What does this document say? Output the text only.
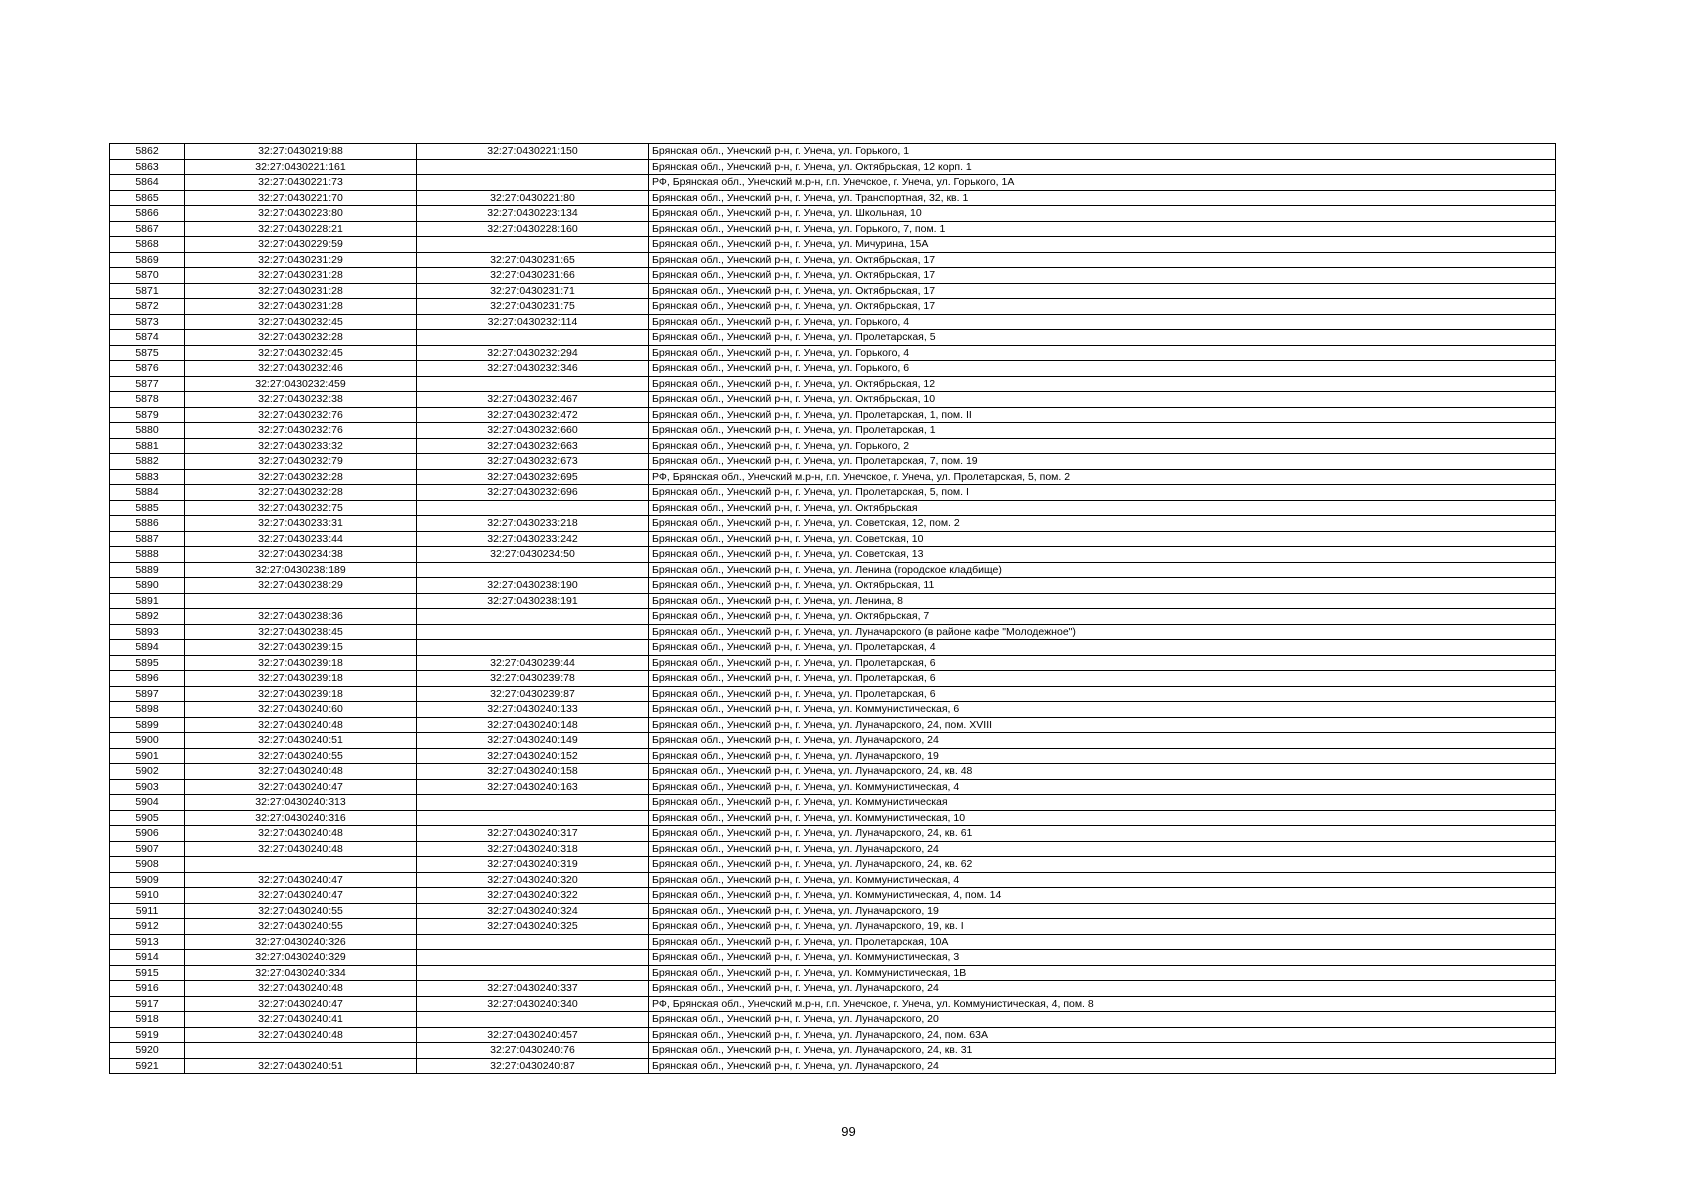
5862	32:27:0430219:88	32:27:0430221:150	Брянская обл., Унечский р-н, г. Унеча, ул. Горького, 1
5863	32:27:0430221:161		Брянская обл., Унечский р-н, г. Унеча, ул. Октябрьская, 12 корп. 1
5864	32:27:0430221:73		РФ, Брянская обл., Унечский м.р-н, г.п. Унечское, г. Унеча, ул. Горького, 1А
5865	32:27:0430221:70	32:27:0430221:80	Брянская обл., Унечский р-н, г. Унеча, ул. Транспортная, 32, кв. 1
5866	32:27:0430223:80	32:27:0430223:134	Брянская обл., Унечский р-н, г. Унеча, ул. Школьная, 10
5867	32:27:0430228:21	32:27:0430228:160	Брянская обл., Унечский р-н, г. Унеча, ул. Горького, 7, пом. 1
5868	32:27:0430229:59		Брянская обл., Унечский р-н, г. Унеча, ул. Мичурина, 15А
5869	32:27:0430231:29	32:27:0430231:65	Брянская обл., Унечский р-н, г. Унеча, ул. Октябрьская, 17
5870	32:27:0430231:28	32:27:0430231:66	Брянская обл., Унечский р-н, г. Унеча, ул. Октябрьская, 17
5871	32:27:0430231:28	32:27:0430231:71	Брянская обл., Унечский р-н, г. Унеча, ул. Октябрьская, 17
5872	32:27:0430231:28	32:27:0430231:75	Брянская обл., Унечский р-н, г. Унеча, ул. Октябрьская, 17
5873	32:27:0430232:45	32:27:0430232:114	Брянская обл., Унечский р-н, г. Унеча, ул. Горького, 4
5874	32:27:0430232:28		Брянская обл., Унечский р-н, г. Унеча, ул. Пролетарская, 5
5875	32:27:0430232:45	32:27:0430232:294	Брянская обл., Унечский р-н, г. Унеча, ул. Горького, 4
5876	32:27:0430232:46	32:27:0430232:346	Брянская обл., Унечский р-н, г. Унеча, ул. Горького, 6
5877	32:27:0430232:459		Брянская обл., Унечский р-н, г. Унеча, ул. Октябрьская, 12
5878	32:27:0430232:38	32:27:0430232:467	Брянская обл., Унечский р-н, г. Унеча, ул. Октябрьская, 10
5879	32:27:0430232:76	32:27:0430232:472	Брянская обл., Унечский р-н, г. Унеча, ул. Пролетарская, 1, пом. II
5880	32:27:0430232:76	32:27:0430232:660	Брянская обл., Унечский р-н, г. Унеча, ул. Пролетарская, 1
5881	32:27:0430233:32	32:27:0430232:663	Брянская обл., Унечский р-н, г. Унеча, ул. Горького, 2
5882	32:27:0430232:79	32:27:0430232:673	Брянская обл., Унечский р-н, г. Унеча, ул. Пролетарская, 7, пом. 19
5883	32:27:0430232:28	32:27:0430232:695	РФ, Брянская обл., Унечский м.р-н, г.п. Унечское, г. Унеча, ул. Пролетарская, 5, пом. 2
5884	32:27:0430232:28	32:27:0430232:696	Брянская обл., Унечский р-н, г. Унеча, ул. Пролетарская, 5, пом. I
5885	32:27:0430232:75		Брянская обл., Унечский р-н, г. Унеча, ул. Октябрьская
5886	32:27:0430233:31	32:27:0430233:218	Брянская обл., Унечский р-н, г. Унеча, ул. Советская, 12, пом. 2
5887	32:27:0430233:44	32:27:0430233:242	Брянская обл., Унечский р-н, г. Унеча, ул. Советская, 10
5888	32:27:0430234:38	32:27:0430234:50	Брянская обл., Унечский р-н, г. Унеча, ул. Советская, 13
5889	32:27:0430238:189		Брянская обл., Унечский р-н, г. Унеча, ул. Ленина (городское кладбище)
5890	32:27:0430238:29	32:27:0430238:190	Брянская обл., Унечский р-н, г. Унеча, ул. Октябрьская, 11
5891		32:27:0430238:191	Брянская обл., Унечский р-н, г. Унеча, ул. Ленина, 8
5892	32:27:0430238:36		Брянская обл., Унечский р-н, г. Унеча, ул. Октябрьская, 7
5893	32:27:0430238:45		Брянская обл., Унечский р-н, г. Унеча, ул. Луначарского (в районе кафе "Молодежное")
5894	32:27:0430239:15		Брянская обл., Унечский р-н, г. Унеча, ул. Пролетарская, 4
5895	32:27:0430239:18	32:27:0430239:44	Брянская обл., Унечский р-н, г. Унеча, ул. Пролетарская, 6
5896	32:27:0430239:18	32:27:0430239:78	Брянская обл., Унечский р-н, г. Унеча, ул. Пролетарская, 6
5897	32:27:0430239:18	32:27:0430239:87	Брянская обл., Унечский р-н, г. Унеча, ул. Пролетарская, 6
5898	32:27:0430240:60	32:27:0430240:133	Брянская обл., Унечский р-н, г. Унеча, ул. Коммунистическая, 6
5899	32:27:0430240:48	32:27:0430240:148	Брянская обл., Унечский р-н, г. Унеча, ул. Луначарского, 24, пом. XVIII
5900	32:27:0430240:51	32:27:0430240:149	Брянская обл., Унечский р-н, г. Унеча, ул. Луначарского, 24
5901	32:27:0430240:55	32:27:0430240:152	Брянская обл., Унечский р-н, г. Унеча, ул. Луначарского, 19
5902	32:27:0430240:48	32:27:0430240:158	Брянская обл., Унечский р-н, г. Унеча, ул. Луначарского, 24, кв. 48
5903	32:27:0430240:47	32:27:0430240:163	Брянская обл., Унечский р-н, г. Унеча, ул. Коммунистическая, 4
5904	32:27:0430240:313		Брянская обл., Унечский р-н, г. Унеча, ул. Коммунистическая
5905	32:27:0430240:316		Брянская обл., Унечский р-н, г. Унеча, ул. Коммунистическая, 10
5906	32:27:0430240:48	32:27:0430240:317	Брянская обл., Унечский р-н, г. Унеча, ул. Луначарского, 24, кв. 61
5907	32:27:0430240:48	32:27:0430240:318	Брянская обл., Унечский р-н, г. Унеча, ул. Луначарского, 24
5908		32:27:0430240:319	Брянская обл., Унечский р-н, г. Унеча, ул. Луначарского, 24, кв. 62
5909	32:27:0430240:47	32:27:0430240:320	Брянская обл., Унечский р-н, г. Унеча, ул. Коммунистическая, 4
5910	32:27:0430240:47	32:27:0430240:322	Брянская обл., Унечский р-н, г. Унеча, ул. Коммунистическая, 4, пом. 14
5911	32:27:0430240:55	32:27:0430240:324	Брянская обл., Унечский р-н, г. Унеча, ул. Луначарского, 19
5912	32:27:0430240:55	32:27:0430240:325	Брянская обл., Унечский р-н, г. Унеча, ул. Луначарского, 19, кв. I
5913	32:27:0430240:326		Брянская обл., Унечский р-н, г. Унеча, ул. Пролетарская, 10А
5914	32:27:0430240:329		Брянская обл., Унечский р-н, г. Унеча, ул. Коммунистическая, 3
5915	32:27:0430240:334		Брянская обл., Унечский р-н, г. Унеча, ул. Коммунистическая, 1В
5916	32:27:0430240:48	32:27:0430240:337	Брянская обл., Унечский р-н, г. Унеча, ул. Луначарского, 24
5917	32:27:0430240:47	32:27:0430240:340	РФ, Брянская обл., Унечский м.р-н, г.п. Унечское, г. Унеча, ул. Коммунистическая, 4, пом. 8
5918	32:27:0430240:41		Брянская обл., Унечский р-н, г. Унеча, ул. Луначарского, 20
5919	32:27:0430240:48	32:27:0430240:457	Брянская обл., Унечский р-н, г. Унеча, ул. Луначарского, 24, пом. 63А
5920		32:27:0430240:76	Брянская обл., Унечский р-н, г. Унеча, ул. Луначарского, 24, кв. 31
5921	32:27:0430240:51	32:27:0430240:87	Брянская обл., Унечский р-н, г. Унеча, ул. Луначарского, 24
99
